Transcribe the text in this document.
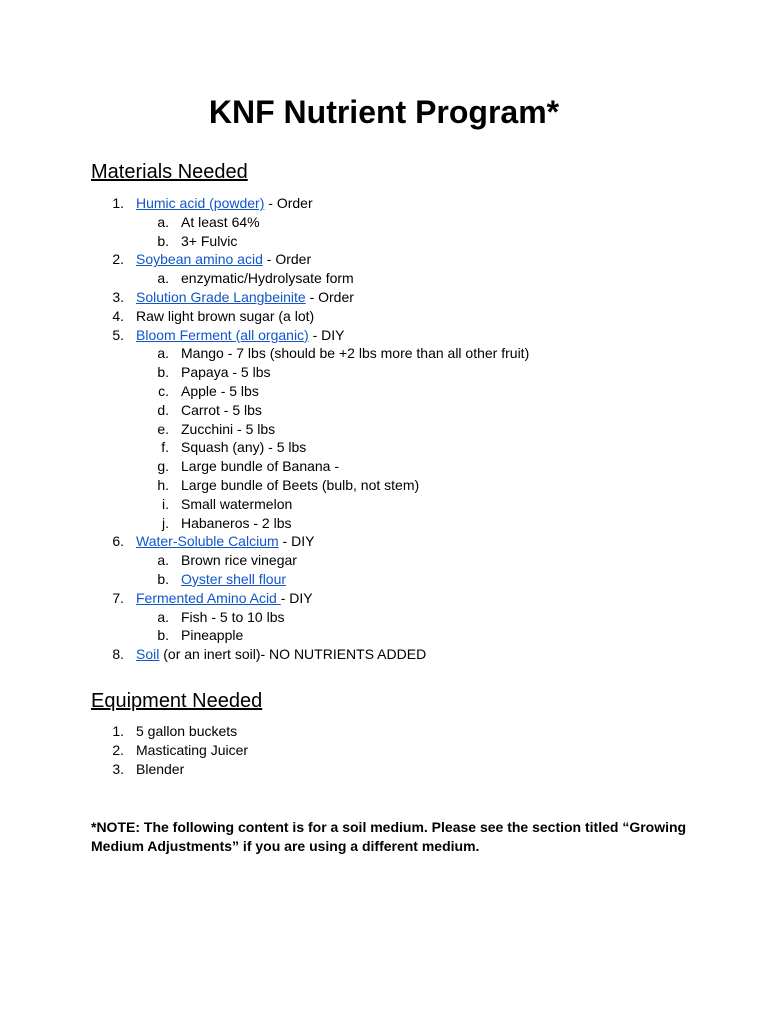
KNF Nutrient Program*
Materials Needed
1. Humic acid (powder) - Order
a. At least 64%
b. 3+ Fulvic
2. Soybean amino acid - Order
a. enzymatic/Hydrolysate form
3. Solution Grade Langbeinite - Order
4. Raw light brown sugar (a lot)
5. Bloom Ferment (all organic) - DIY
a. Mango - 7 lbs (should be +2 lbs more than all other fruit)
b. Papaya - 5 lbs
c. Apple - 5 lbs
d. Carrot - 5 lbs
e. Zucchini - 5 lbs
f. Squash (any) - 5 lbs
g. Large bundle of Banana -
h. Large bundle of Beets (bulb, not stem)
i. Small watermelon
j. Habaneros - 2 lbs
6. Water-Soluble Calcium - DIY
a. Brown rice vinegar
b. Oyster shell flour
7. Fermented Amino Acid - DIY
a. Fish - 5 to 10 lbs
b. Pineapple
8. Soil (or an inert soil)- NO NUTRIENTS ADDED
Equipment Needed
1. 5 gallon buckets
2. Masticating Juicer
3. Blender

*NOTE: The following content is for a soil medium. Please see the section titled “Growing Medium Adjustments” if you are using a different medium.
